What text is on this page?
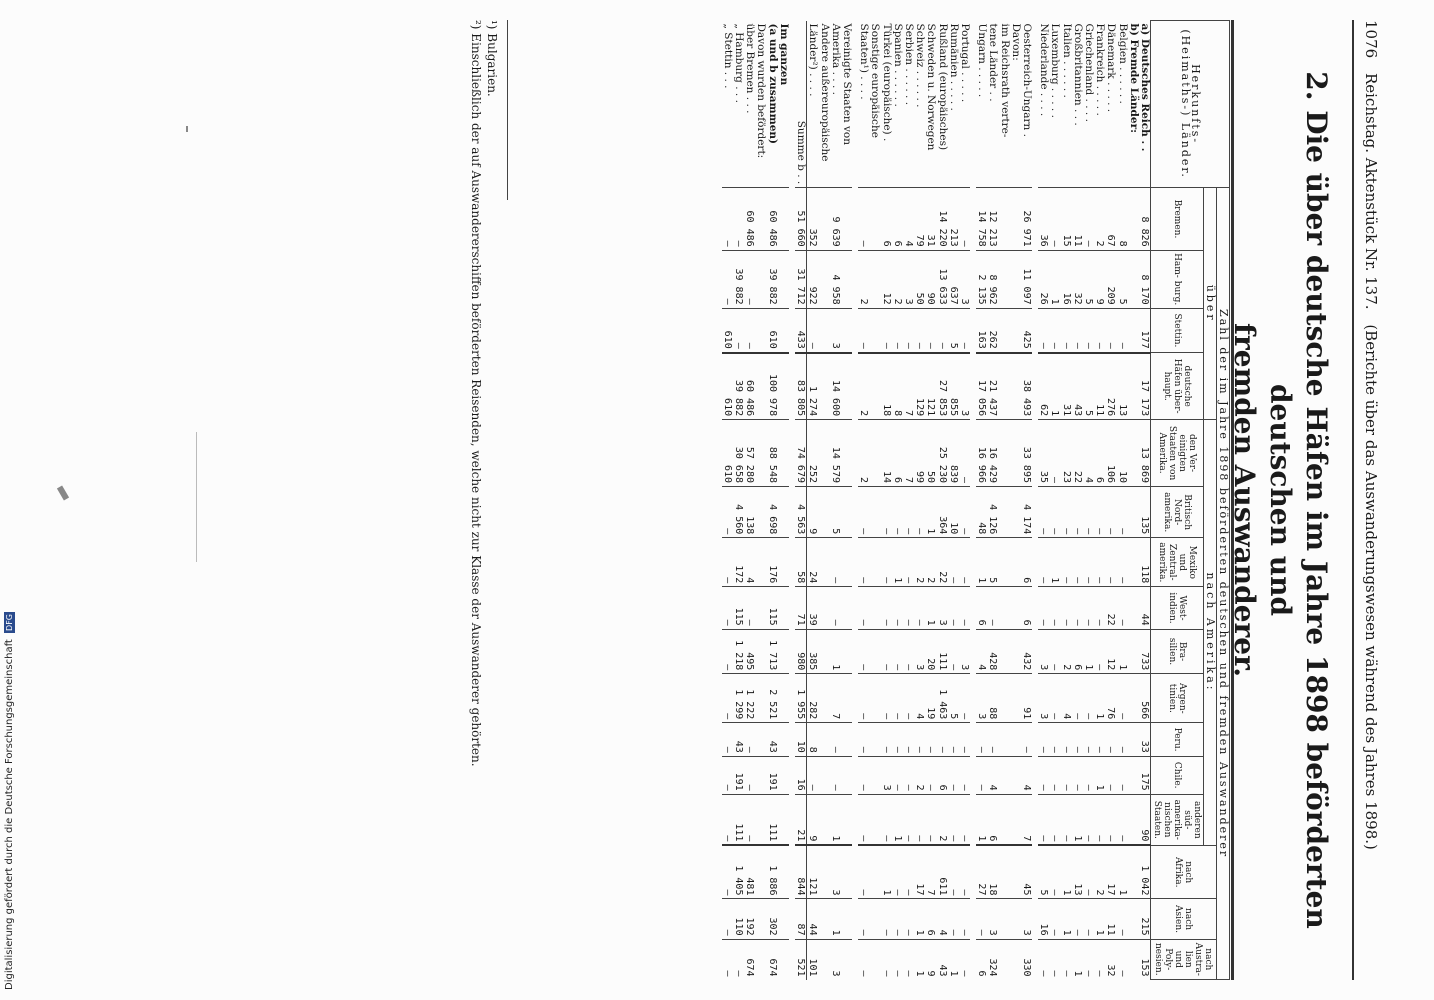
1076 Reichstag. Aktenstück Nr. 137. (Berichte über das Auswanderungswesen während des Jahres 1898.)
2. Die über deutsche Häfen im Jahre 1898 beförderten deutschen und
fremden Auswanderer.
Herkunfts- (Heimaths-) Länder.	Zahl der im Jahre 1898 beförderten deutschen und fremden Auswanderer															
	über				nach Amerika:									nach Afrika.	nach Asien.	nach Austra- lien und Poly- nesien.
	Bremen.	Ham- burg.	Stettin.	deutsche Häfen über- haupt.	den Ver- einigten Staaten von Amerika.	Britisch Nord- amerika.	Mexiko und Zentral- amerika.	West- indien.	Bra- silien.	Argen- tinien.	Peru.	Chile.	anderen süd- amerika- nischen Staaten.			
a) Deutsches Reich . .	8 826	8 170	177	17 173	13 869	135	118	44	733	566	33	175	90	1 042	215	153
b) Fremde Länder:																
Belgien . . . . . .	8	5	—	13	10	—	—	—	1	—	—	—	—	1	—	—
Dänemark . . . . .	67	209	—	276	106	—	—	22	12	76	—	—	—	17	11	32
Frankreich . . . . .	2	9	—	11	6	—	—	—	—	1	—	1	—	2	1	—
Griechenland . . . .	—	5	—	5	4	—	—	—	1	—	—	—	—	—	—	—
Großbritannien . . .	11	32	—	43	22	—	—	—	6	—	—	—	1	13	—	1
Italien . . . . . .	15	16	—	31	23	—	—	—	2	4	—	—	—	1	1	—
Luxemburg . . . . .	—	1	—	1	—	—	1	—	—	—	—	—	—	—	—	—
Niederlande . . . .	36	26	—	62	35	—	—	—	3	3	—	—	—	5	16	—

Oesterreich-Ungarn .	26 971	11 097	425	38 493	33 895	4 174	6	6	432	91	—	4	7	45	3	330
Davon:																
im Reichsrath vertre-																
tene Länder . .	12 213	8 962	262	21 437	16 429	4 126	5	—	428	88	—	4	6	18	3	324
Ungarn . . . . .	14 758	2 135	163	17 056	16 966	48	1	6	4	3	—	—	1	27	—	6

Portugal . . . . .	—	3	—	3	—	—	—	—	3	—	—	—	—	—	—	—
Rumänien . . . . .	213	637	5	855	839	10	—	—	—	5	—	—	—	—	—	1
Rußland (europäisches)	14 220	13 633	—	27 853	25 230	364	22	3	111	1 463	—	6	2	611	4	43
Schweden u. Norwegen	31	90	—	121	50	1	2	1	20	19	—	—	—	7	6	9
Schweiz . . . . . .	79	50	—	129	99	—	2	—	3	4	—	2	—	17	1	1
Serbien . . . . . .	4	3	—	7	7	—	—	—	—	—	—	—	—	—	—	—
Spanien . . . . . .	6	2	—	8	6	—	1	—	—	—	—	—	1	—	—	—
Türkei (europäische) .	6	12	—	18	14	—	—	—	—	—	—	3	—	1	—	—
Sonstige europäische																
Staaten¹) . . . .	—	2	—	2	2	—	—	—	—	—	—	—	—	—	—	—

Vereinigte Staaten von																
Amerika . . . .	9 639	4 958	3	14 600	14 579	5	—	—	1	7	—	—	1	3	1	3
Andere außereuropäische																
Länder²) . . . .	352	922	—	1 274	252	9	24	39	385	282	8	—	9	121	44	101
Summe b . .	51 660	31 712	433	83 805	74 679	4 563	58	71	980	1 955	10	16	21	844	87	521

Im ganzen																
(a und b zusammen)	60 486	39 882	610	100 978	88 548	4 698	176	115	1 713	2 521	43	191	111	1 886	302	674
Davon wurden befördert:																
über Bremen . . .	60 486	—	—	60 486	57 280	138	4	—	495	1 222	—	—	—	481	192	674
„ Hamburg . . .	—	39 882	—	39 882	30 658	4 560	172	115	1 218	1 299	43	191	111	1 405	110	—
„ Stettin . . .	—	—	610	610	610	—	—	—	—	—	—	—	—	—	—	—
¹) Bulgarien.
²) Einschließlich der auf Auswandererschiffen beförderten Reisenden, welche nicht zur Klasse der Auswanderer gehörten.
Digitalisierung gefördert durch die Deutsche Forschungsgemeinschaft DFG
